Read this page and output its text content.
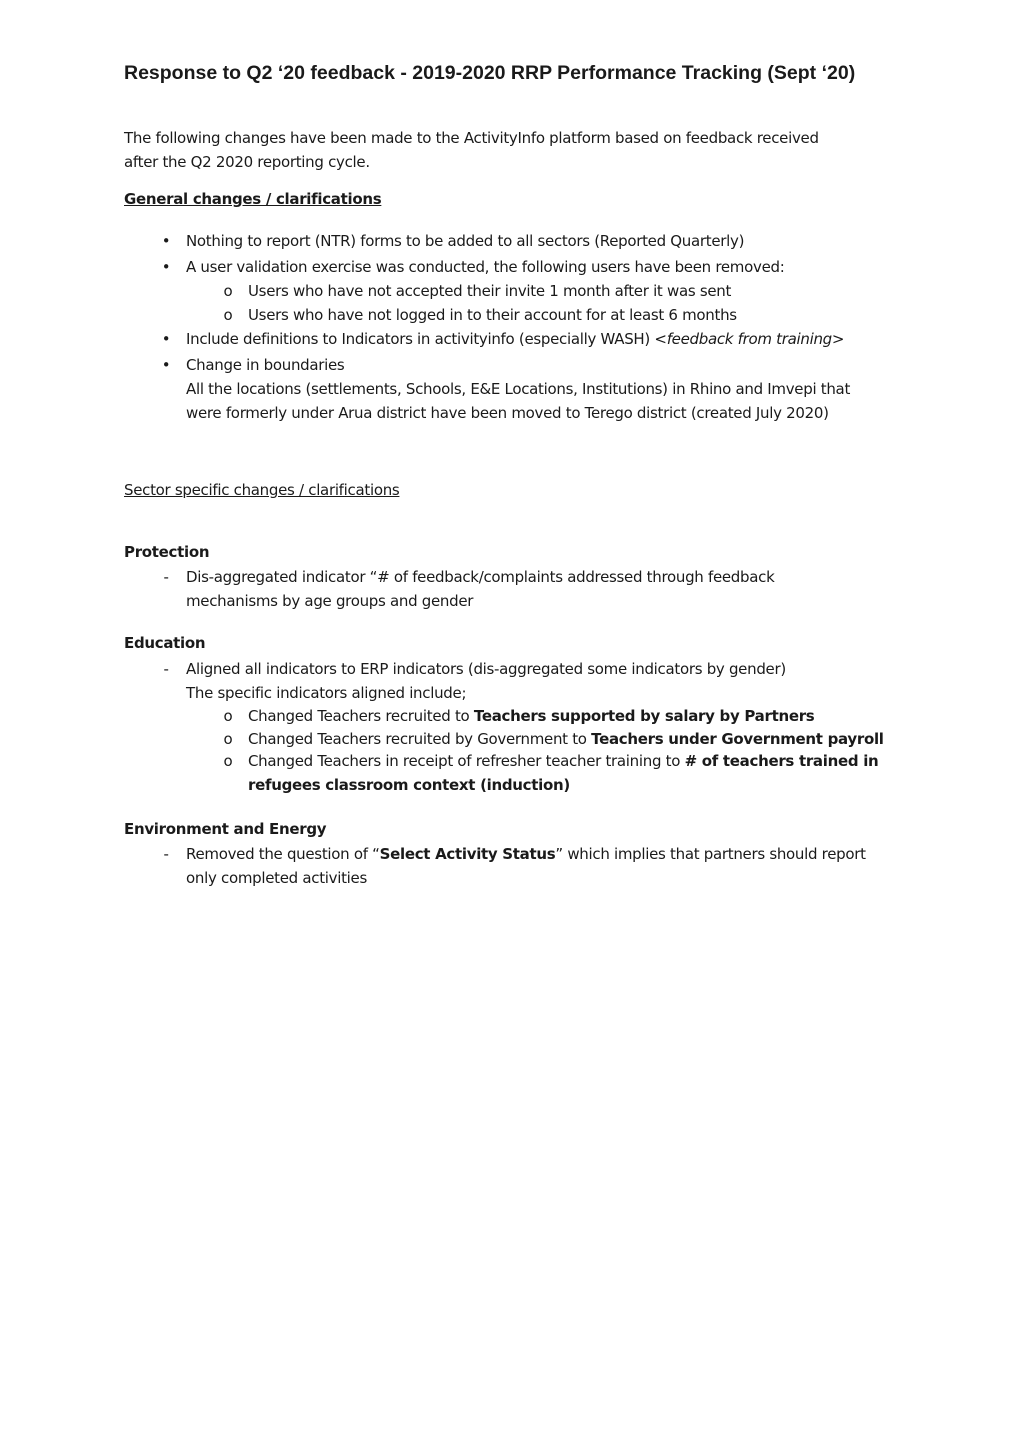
Response to Q2 ‘20 feedback - 2019-2020 RRP Performance Tracking (Sept ‘20)
The following changes have been made to the ActivityInfo platform based on feedback received
after the Q2 2020 reporting cycle.
General changes / clarifications
•	Nothing to report (NTR) forms to be added to all sectors (Reported Quarterly)
•	A user validation exercise was conducted, the following users have been removed:
o	Users who have not accepted their invite 1 month after it was sent
o	Users who have not logged in to their account for at least 6 months
•	Include definitions to Indicators in activityinfo (especially WASH) <feedback from training>
•	Change in boundaries
All the locations (settlements, Schools, E&E Locations, Institutions) in Rhino and Imvepi that
were formerly under Arua district have been moved to Terego district (created July 2020)
Sector specific changes / clarifications
Protection
-	Dis-aggregated indicator “# of feedback/complaints addressed through feedback
mechanisms by age groups and gender
Education
-	Aligned all indicators to ERP indicators (dis-aggregated some indicators by gender)
The specific indicators aligned include;
o	Changed Teachers recruited to Teachers supported by salary by Partners
o	Changed Teachers recruited by Government to Teachers under Government payroll
o	Changed Teachers in receipt of refresher teacher training to # of teachers trained in
refugees classroom context (induction)
Environment and Energy
-	Removed the question of “Select Activity Status” which implies that partners should report
only completed activities
